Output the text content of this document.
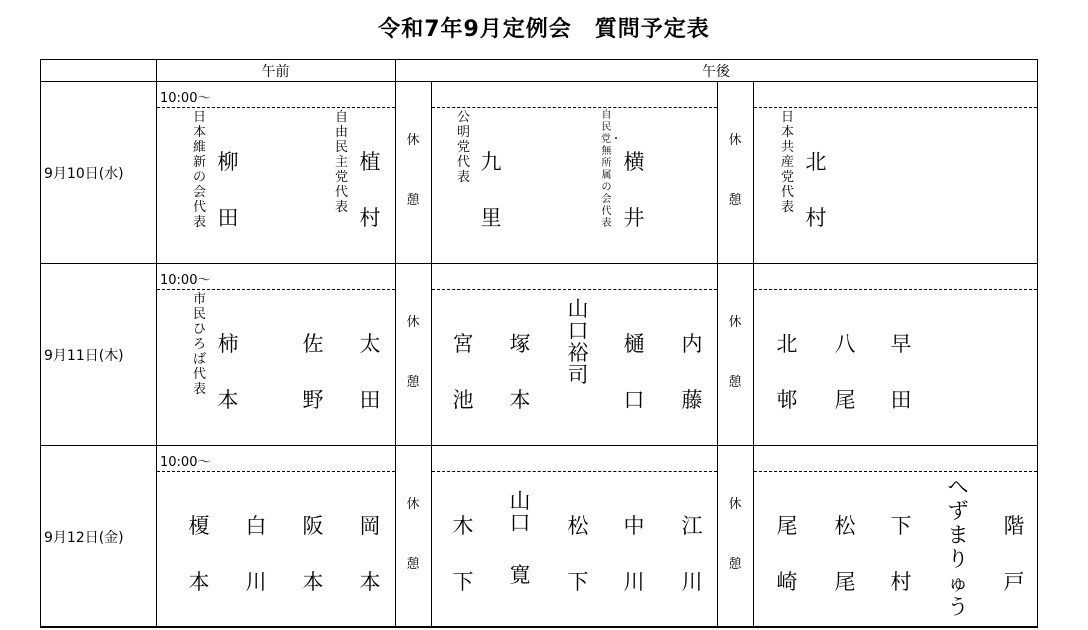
令和7年9月定例会　質問予定表
午前	午後
9月10日(水)
10:00～
休
憩
休
憩
柳
田
植
村
日本維新の会代表
自由民主党代表
九
里
横
井
公明党代表
自民党・無所属の会代表
北
村
日本共産党代表
9月11日(木)
10:00～
休
憩
休
憩
柿
本
佐
野
太
田
市民ひろば代表
宮
池
塚
本
山口裕司
樋
口
内
藤
北
邨
八
尾
早
田
9月12日(金)
10:00～
休
憩
休
憩
榎
本
白
川
阪
本
岡
本
木
下
山口
寛
松
下
中
川
江
川
尾
崎
松
尾
下
村
へずまりゅう
階
戸
